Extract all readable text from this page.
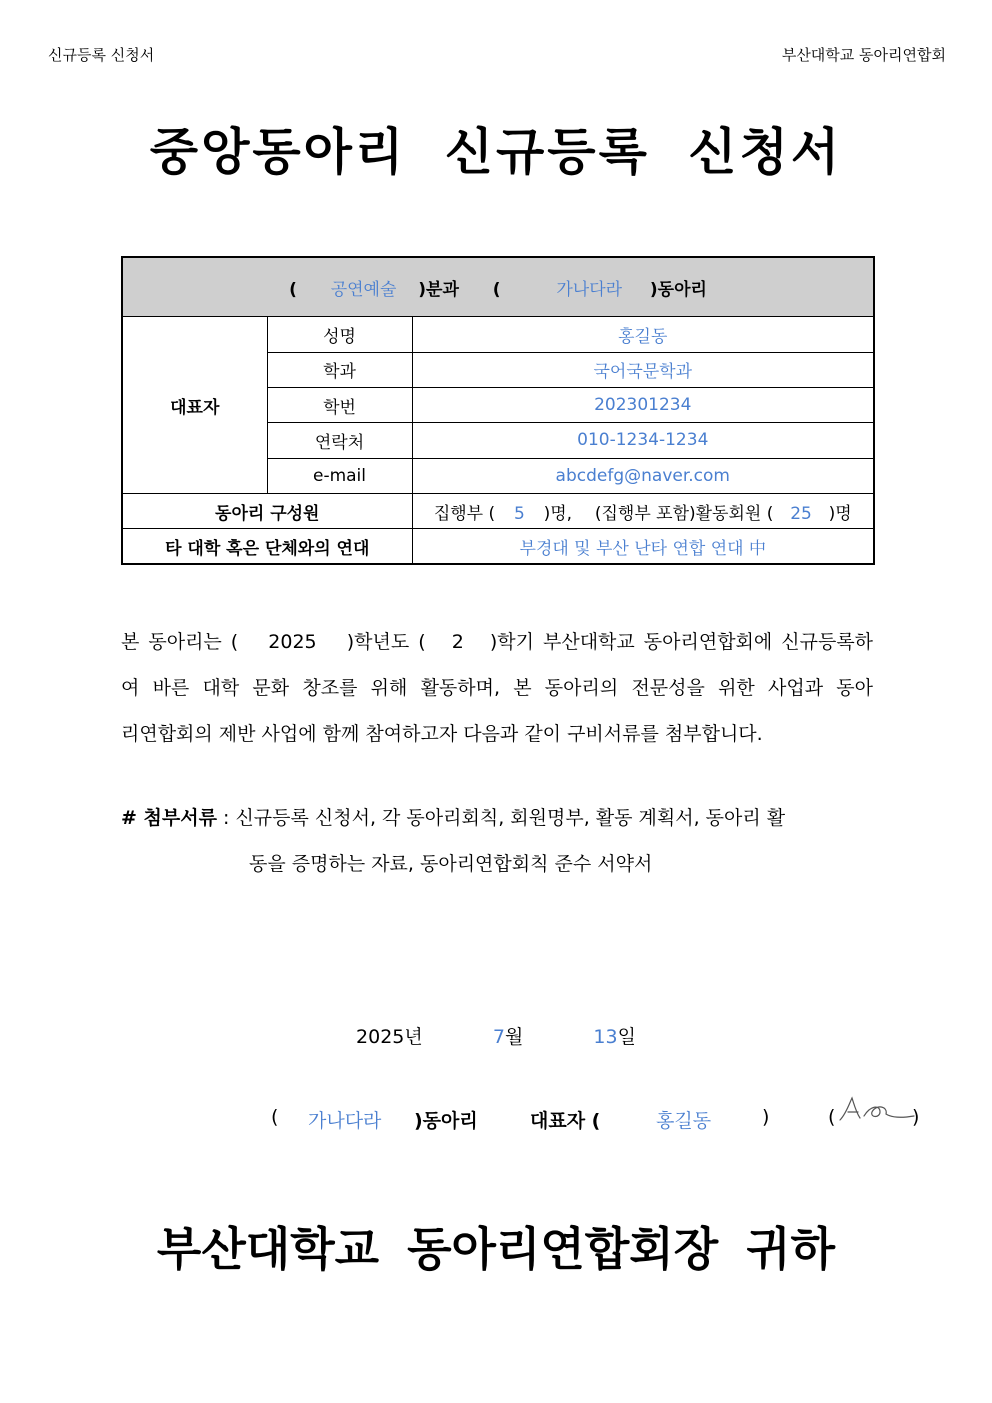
신규등록 신청서	부산대학교 동아리연합회
중앙동아리 신규등록 신청서
( 공연예술 )분과 ( 가나다라 )동아리		
대표자	성명	홍길동
	학과	국어국문학과
	학번	202301234
	연락처	010-1234-1234
	e-mail	abcdefg@naver.com
동아리 구성원		집행부 ( 5 )명, (집행부 포함)활동회원 ( 25 )명
타 대학 혹은 단체와의 연대		부경대 및 부산 난타 연합 연대 中
본 동아리는 ( 2025 )학년도 ( 2 )학기 부산대학교 동아리연합회에 신규등록하
여 바른 대학 문화 창조를 위해 활동하며, 본 동아리의 전문성을 위한 사업과 동아
리연합회의 제반 사업에 함께 참여하고자 다음과 같이 구비서류를 첨부합니다.
# 첨부서류 : 신규등록 신청서, 각 동아리회칙, 회원명부, 활동 계획서, 동아리 활
동을 증명하는 자료, 동아리연합회칙 준수 서약서
2025년	7월	13일
( 가나다라 )동아리	대표자 (	홍길동	)	(	)
부산대학교 동아리연합회장 귀하
